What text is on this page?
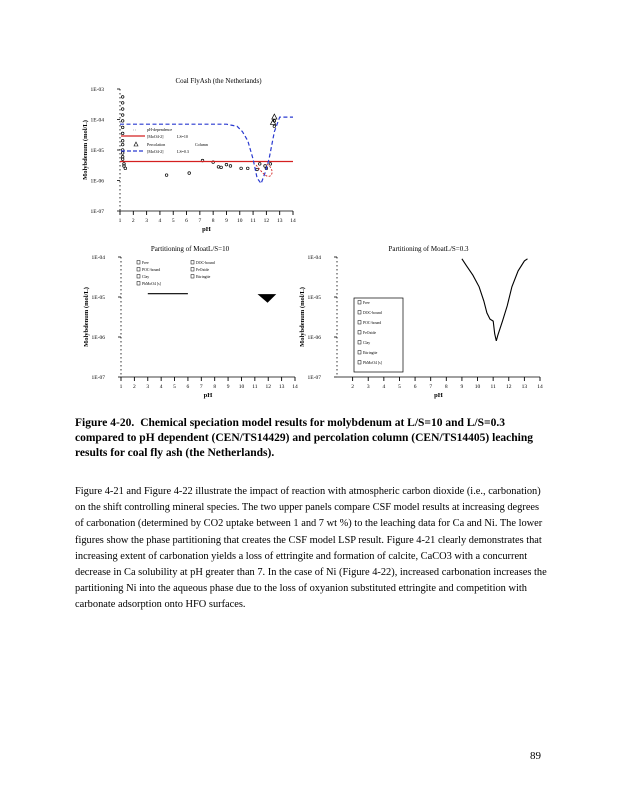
Coal FlyAsh (the Netherlands)
1 2 3 4 5 6 7 8 9 10 11 12 13 14
1E-03
1E-04
1E-05
1E-06
1E-07
pH
Molybdenum (mol/L)	: :	pH-dependence
[MoO4-2]	LS=10
Percolation	Column
[MoO4-2]	LS=0.3
Partitioning of MoatL/S=10
1 2 3 4 5 6 7 8 9 10 11 12 13 14
1E-04
1E-05
1E-06
1E-07
pH
Molybdenum (mol/L)
Free
POC-bound
Clay
PbMoO4 [s]
DOC-bound
FeOxide
Ettringite
Partitioning of MoatL/S=0.3
2 3 4 5 6 7 8 9 10 11 12 13 14
1E-04
1E-05
1E-06
1E-07
pH
Molybdenum (mol/L)	Free
DOC-bound
POC-bound
FeOxide
Clay
Ettringite
PbMoO4 [s]
Figure 4-20. Chemical speciation model results for molybdenum at L/S=10 and L/S=0.3 compared to pH dependent (CEN/TS14429) and percolation column (CEN/TS14405) leaching results for coal fly ash (the Netherlands).
Figure 4-21 and Figure 4-22 illustrate the impact of reaction with atmospheric carbon dioxide (i.e., carbonation) on the shift controlling mineral species. The two upper panels compare CSF model results at increasing degrees of carbonation (determined by CO2 uptake between 1 and 7 wt %) to the leaching data for Ca and Ni. The lower figures show the phase partitioning that creates the CSF model LSP result. Figure 4-21 clearly demonstrates that increasing extent of carbonation yields a loss of ettringite and formation of calcite, CaCO3 with a concurrent decrease in Ca solubility at pH greater than 7. In the case of Ni (Figure 4-22), increased carbonation increases the partitioning Ni into the aqueous phase due to the loss of oxyanion substituted ettringite and competition with carbonate adsorption onto HFO surfaces.
89
